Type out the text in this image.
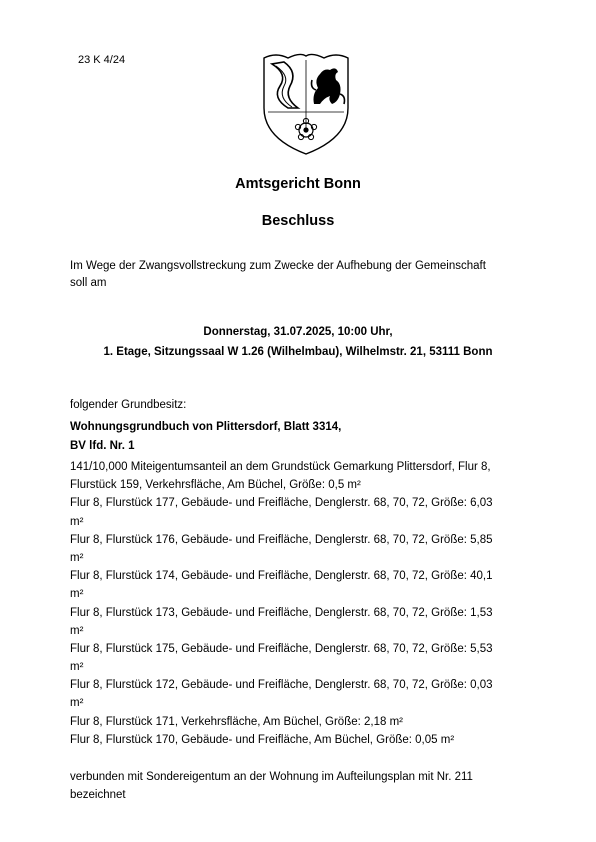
23 K 4/24
Amtsgericht Bonn
Beschluss
Im Wege der Zwangsvollstreckung zum Zwecke der Aufhebung der Gemeinschaft
soll am
Donnerstag, 31.07.2025, 10:00 Uhr,
1. Etage, Sitzungssaal W 1.26 (Wilhelmbau), Wilhelmstr. 21, 53111 Bonn
folgender Grundbesitz:
Wohnungsgrundbuch von Plittersdorf, Blatt 3314,
BV lfd. Nr. 1
141/10,000 Miteigentumsanteil an dem Grundstück Gemarkung Plittersdorf, Flur 8,
Flurstück 159, Verkehrsfläche, Am Büchel, Größe: 0,5 m²
Flur 8, Flurstück 177, Gebäude- und Freifläche, Denglerstr. 68, 70, 72, Größe: 6,03
m²
Flur 8, Flurstück 176, Gebäude- und Freifläche, Denglerstr. 68, 70, 72, Größe: 5,85
m²
Flur 8, Flurstück 174, Gebäude- und Freifläche, Denglerstr. 68, 70, 72, Größe: 40,1
m²
Flur 8, Flurstück 173, Gebäude- und Freifläche, Denglerstr. 68, 70, 72, Größe: 1,53
m²
Flur 8, Flurstück 175, Gebäude- und Freifläche, Denglerstr. 68, 70, 72, Größe: 5,53
m²
Flur 8, Flurstück 172, Gebäude- und Freifläche, Denglerstr. 68, 70, 72, Größe: 0,03
m²
Flur 8, Flurstück 171, Verkehrsfläche, Am Büchel, Größe: 2,18 m²
Flur 8, Flurstück 170, Gebäude- und Freifläche, Am Büchel, Größe: 0,05 m²
verbunden mit Sondereigentum an der Wohnung im Aufteilungsplan mit Nr. 211
bezeichnet
